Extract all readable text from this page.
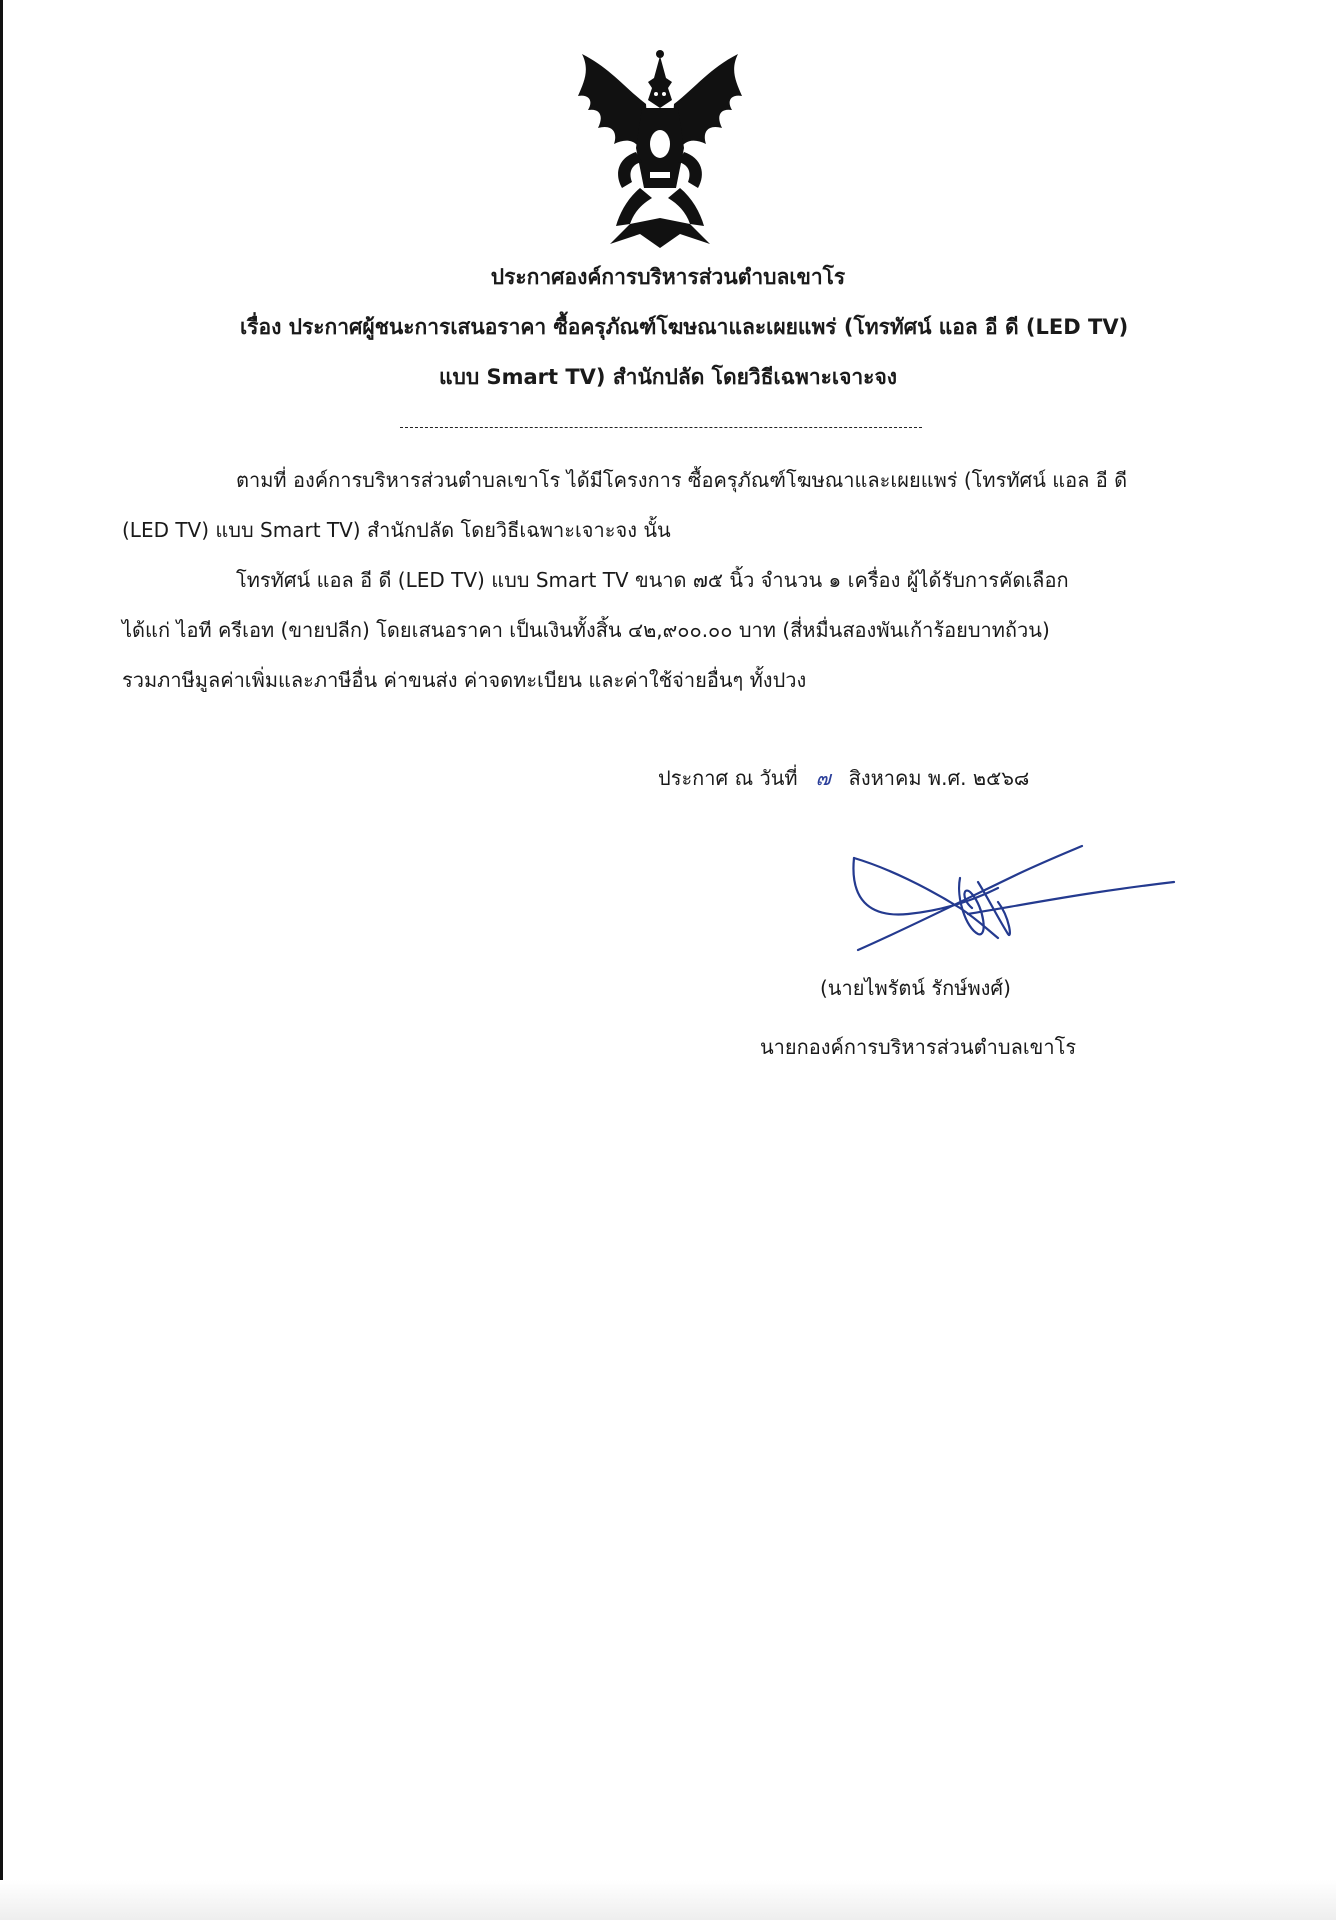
ประกาศองค์การบริหารส่วนตำบลเขาโร
เรื่อง ประกาศผู้ชนะการเสนอราคา ซื้อครุภัณฑ์โฆษณาและเผยแพร่ (โทรทัศน์ แอล อี ดี (LED TV)
แบบ Smart TV) สำนักปลัด โดยวิธีเฉพาะเจาะจง
ตามที่ องค์การบริหารส่วนตำบลเขาโร ได้มีโครงการ ซื้อครุภัณฑ์โฆษณาและเผยแพร่ (โทรทัศน์ แอล อี ดี
(LED TV) แบบ Smart TV) สำนักปลัด โดยวิธีเฉพาะเจาะจง นั้น
โทรทัศน์ แอล อี ดี (LED TV) แบบ Smart TV ขนาด ๗๕ นิ้ว จำนวน ๑ เครื่อง ผู้ได้รับการคัดเลือก
ได้แก่ ไอที ครีเอท (ขายปลีก) โดยเสนอราคา เป็นเงินทั้งสิ้น ๔๒,๙๐๐.๐๐ บาท (สี่หมื่นสองพันเก้าร้อยบาทถ้วน)
รวมภาษีมูลค่าเพิ่มและภาษีอื่น ค่าขนส่ง ค่าจดทะเบียน และค่าใช้จ่ายอื่นๆ ทั้งปวง
ประกาศ ณ วันที่ ๗ สิงหาคม พ.ศ. ๒๕๖๘
(นายไพรัตน์ รักษ์พงศ์)
นายกองค์การบริหารส่วนตำบลเขาโร
